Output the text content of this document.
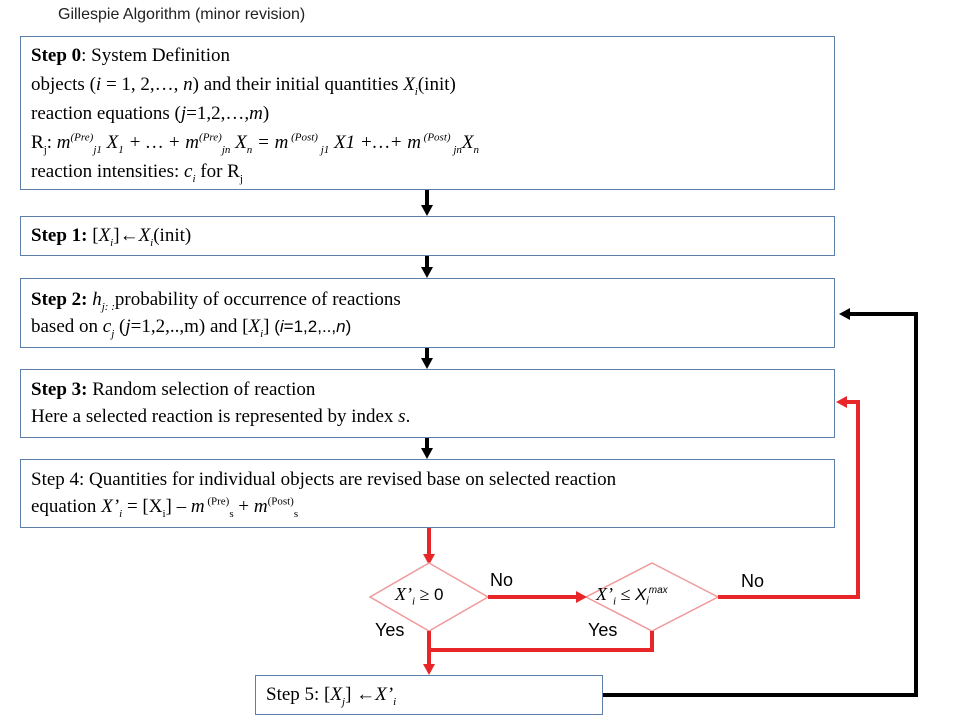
Gillespie Algorithm (minor revision)
Step 0: System Definition
objects (i = 1, 2,…, n) and their initial quantities $X_i(init)$
reaction equations (j=1,2,…,m)
$R_j$: $m^{(Pre)}_{j1}$ $X_1$ + … + $m^{(Pre)}_{jn}$ $X_n = m$ $^{(Post)}$ $_{j1}$ X1 +…+ m $^{(Post)}$ $_{jn}X_n$
reaction intensities: $c_i$ for $R_j$
Step 1: $[X_i]\leftarrow X_i(init)$
Step 2: $h_{j: :}probability$ of occurrence of reactions
based on $c_j$ (j=1,2,..,m) and $[X_i]$ (i=1,2,..,n)
Step 3: Random selection of reaction
Here a selected reaction is represented by index s.
Step 4: Quantities for individual objects are revised base on selected reaction
equation $X’_i = [X_i] - m$ $^{(Pre)}_s + m^{(Post)}_s$
Step 5: $[X_j]$ $\leftarrow X’_i$
$X’_i \ge 0$	$X’_i \le X_i^{max}$
No	No
Yes	Yes
